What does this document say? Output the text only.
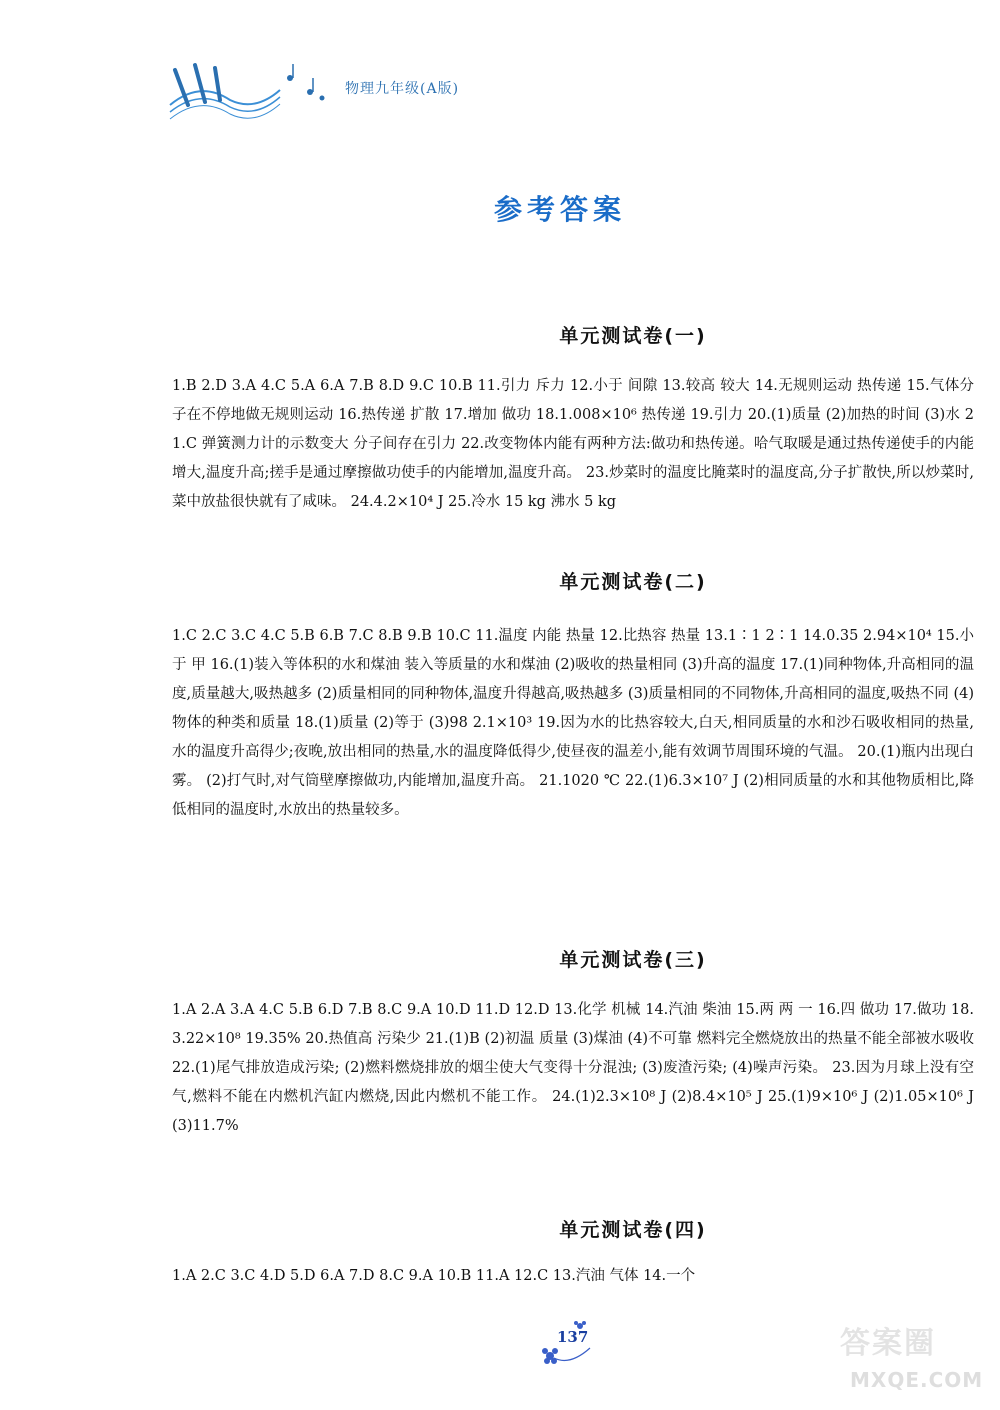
物理九年级(A版)
参考答案
单元测试卷(一)
1.B 2.D 3.A 4.C 5.A 6.A 7.B 8.D 9.C 10.B 11.引力 斥力 12.小于 间隙 13.较高 较大 14.无规则运动 热传递 15.气体分子在不停地做无规则运动 16.热传递 扩散 17.增加 做功 18.1.008×10⁶ 热传递 19.引力 20.(1)质量 (2)加热的时间 (3)水 21.C 弹簧测力计的示数变大 分子间存在引力 22.改变物体内能有两种方法:做功和热传递。哈气取暖是通过热传递使手的内能增大,温度升高;搓手是通过摩擦做功使手的内能增加,温度升高。 23.炒菜时的温度比腌菜时的温度高,分子扩散快,所以炒菜时,菜中放盐很快就有了咸味。 24.4.2×10⁴ J 25.冷水 15 kg 沸水 5 kg
单元测试卷(二)
1.C 2.C 3.C 4.C 5.B 6.B 7.C 8.B 9.B 10.C 11.温度 内能 热量 12.比热容 热量 13.1∶1 2∶1 14.0.35 2.94×10⁴ 15.小于 甲 16.(1)装入等体积的水和煤油 装入等质量的水和煤油 (2)吸收的热量相同 (3)升高的温度 17.(1)同种物体,升高相同的温度,质量越大,吸热越多 (2)质量相同的同种物体,温度升得越高,吸热越多 (3)质量相同的不同物体,升高相同的温度,吸热不同 (4)物体的种类和质量 18.(1)质量 (2)等于 (3)98 2.1×10³ 19.因为水的比热容较大,白天,相同质量的水和沙石吸收相同的热量,水的温度升高得少;夜晚,放出相同的热量,水的温度降低得少,使昼夜的温差小,能有效调节周围环境的气温。 20.(1)瓶内出现白雾。 (2)打气时,对气筒壁摩擦做功,内能增加,温度升高。 21.1020 ℃ 22.(1)6.3×10⁷ J (2)相同质量的水和其他物质相比,降低相同的温度时,水放出的热量较多。
单元测试卷(三)
1.A 2.A 3.A 4.C 5.B 6.D 7.B 8.C 9.A 10.D 11.D 12.D 13.化学 机械 14.汽油 柴油 15.两 两 一 16.四 做功 17.做功 18.3.22×10⁸ 19.35% 20.热值高 污染少 21.(1)B (2)初温 质量 (3)煤油 (4)不可靠 燃料完全燃烧放出的热量不能全部被水吸收 22.(1)尾气排放造成污染; (2)燃料燃烧排放的烟尘使大气变得十分混浊; (3)废渣污染; (4)噪声污染。 23.因为月球上没有空气,燃料不能在内燃机汽缸内燃烧,因此内燃机不能工作。 24.(1)2.3×10⁸ J (2)8.4×10⁵ J 25.(1)9×10⁶ J (2)1.05×10⁶ J (3)11.7%
单元测试卷(四)
1.A 2.C 3.C 4.D 5.D 6.A 7.D 8.C 9.A 10.B 11.A 12.C 13.汽油 气体 14.一个
137	答案圈
MXQE.COM
